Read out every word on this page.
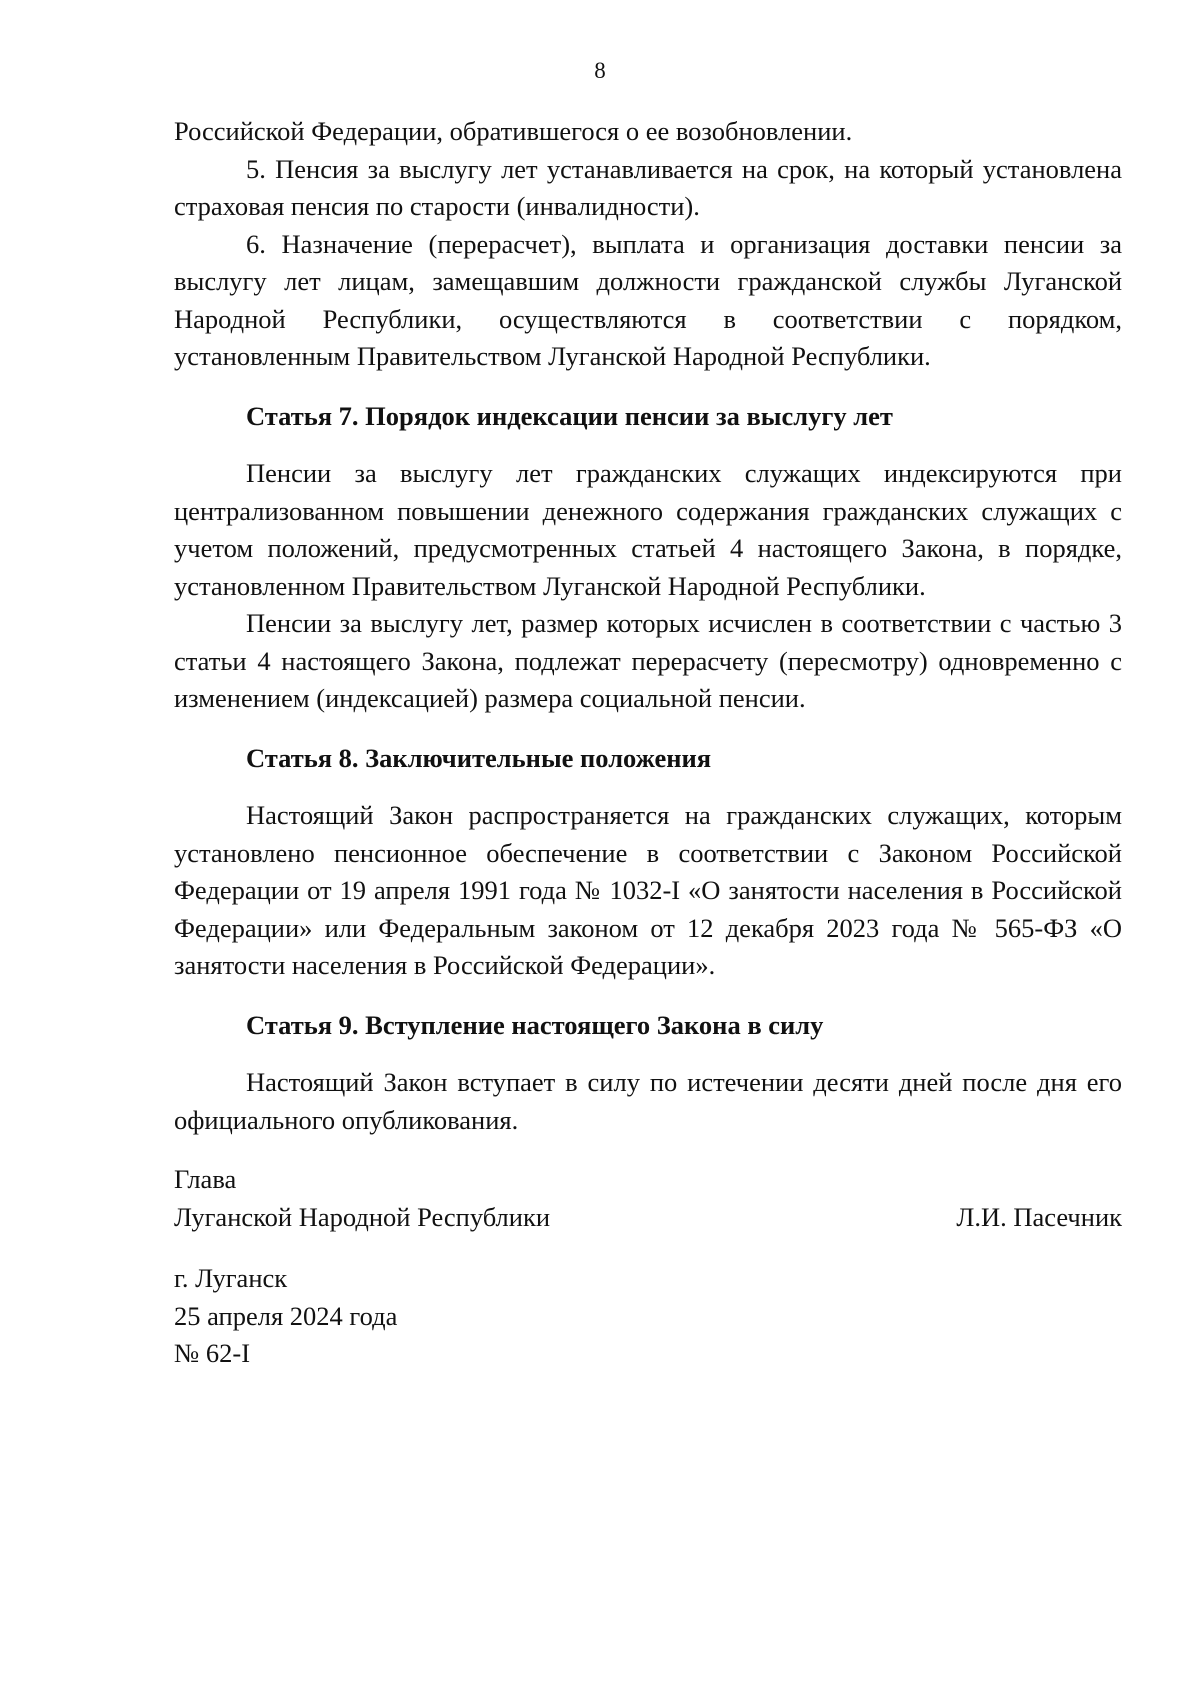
8

Российской Федерации, обратившегося о ее возобновлении.

5. Пенсия за выслугу лет устанавливается на срок, на который установлена страховая пенсия по старости (инвалидности).

6. Назначение (перерасчет), выплата и организация доставки пенсии за выслугу лет лицам, замещавшим должности гражданской службы Луганской Народной Республики, осуществляются в соответствии с порядком, установленным Правительством Луганской Народной Республики.

Статья 7. Порядок индексации пенсии за выслугу лет

Пенсии за выслугу лет гражданских служащих индексируются при централизованном повышении денежного содержания гражданских служащих с учетом положений, предусмотренных статьей 4 настоящего Закона, в порядке, установленном Правительством Луганской Народной Республики.

Пенсии за выслугу лет, размер которых исчислен в соответствии с частью 3 статьи 4 настоящего Закона, подлежат перерасчету (пересмотру) одновременно с изменением (индексацией) размера социальной пенсии.

Статья 8. Заключительные положения

Настоящий Закон распространяется на гражданских служащих, которым установлено пенсионное обеспечение в соответствии с Законом Российской Федерации от 19 апреля 1991 года № 1032-I «О занятости населения в Российской Федерации» или Федеральным законом от 12 декабря 2023 года № 565-ФЗ «О занятости населения в Российской Федерации».

Статья 9. Вступление настоящего Закона в силу

Настоящий Закон вступает в силу по истечении десяти дней после дня его официального опубликования.

Глава
Луганской Народной Республики	Л.И. Пасечник
г. Луганск
25 апреля 2024 года
№ 62-I
